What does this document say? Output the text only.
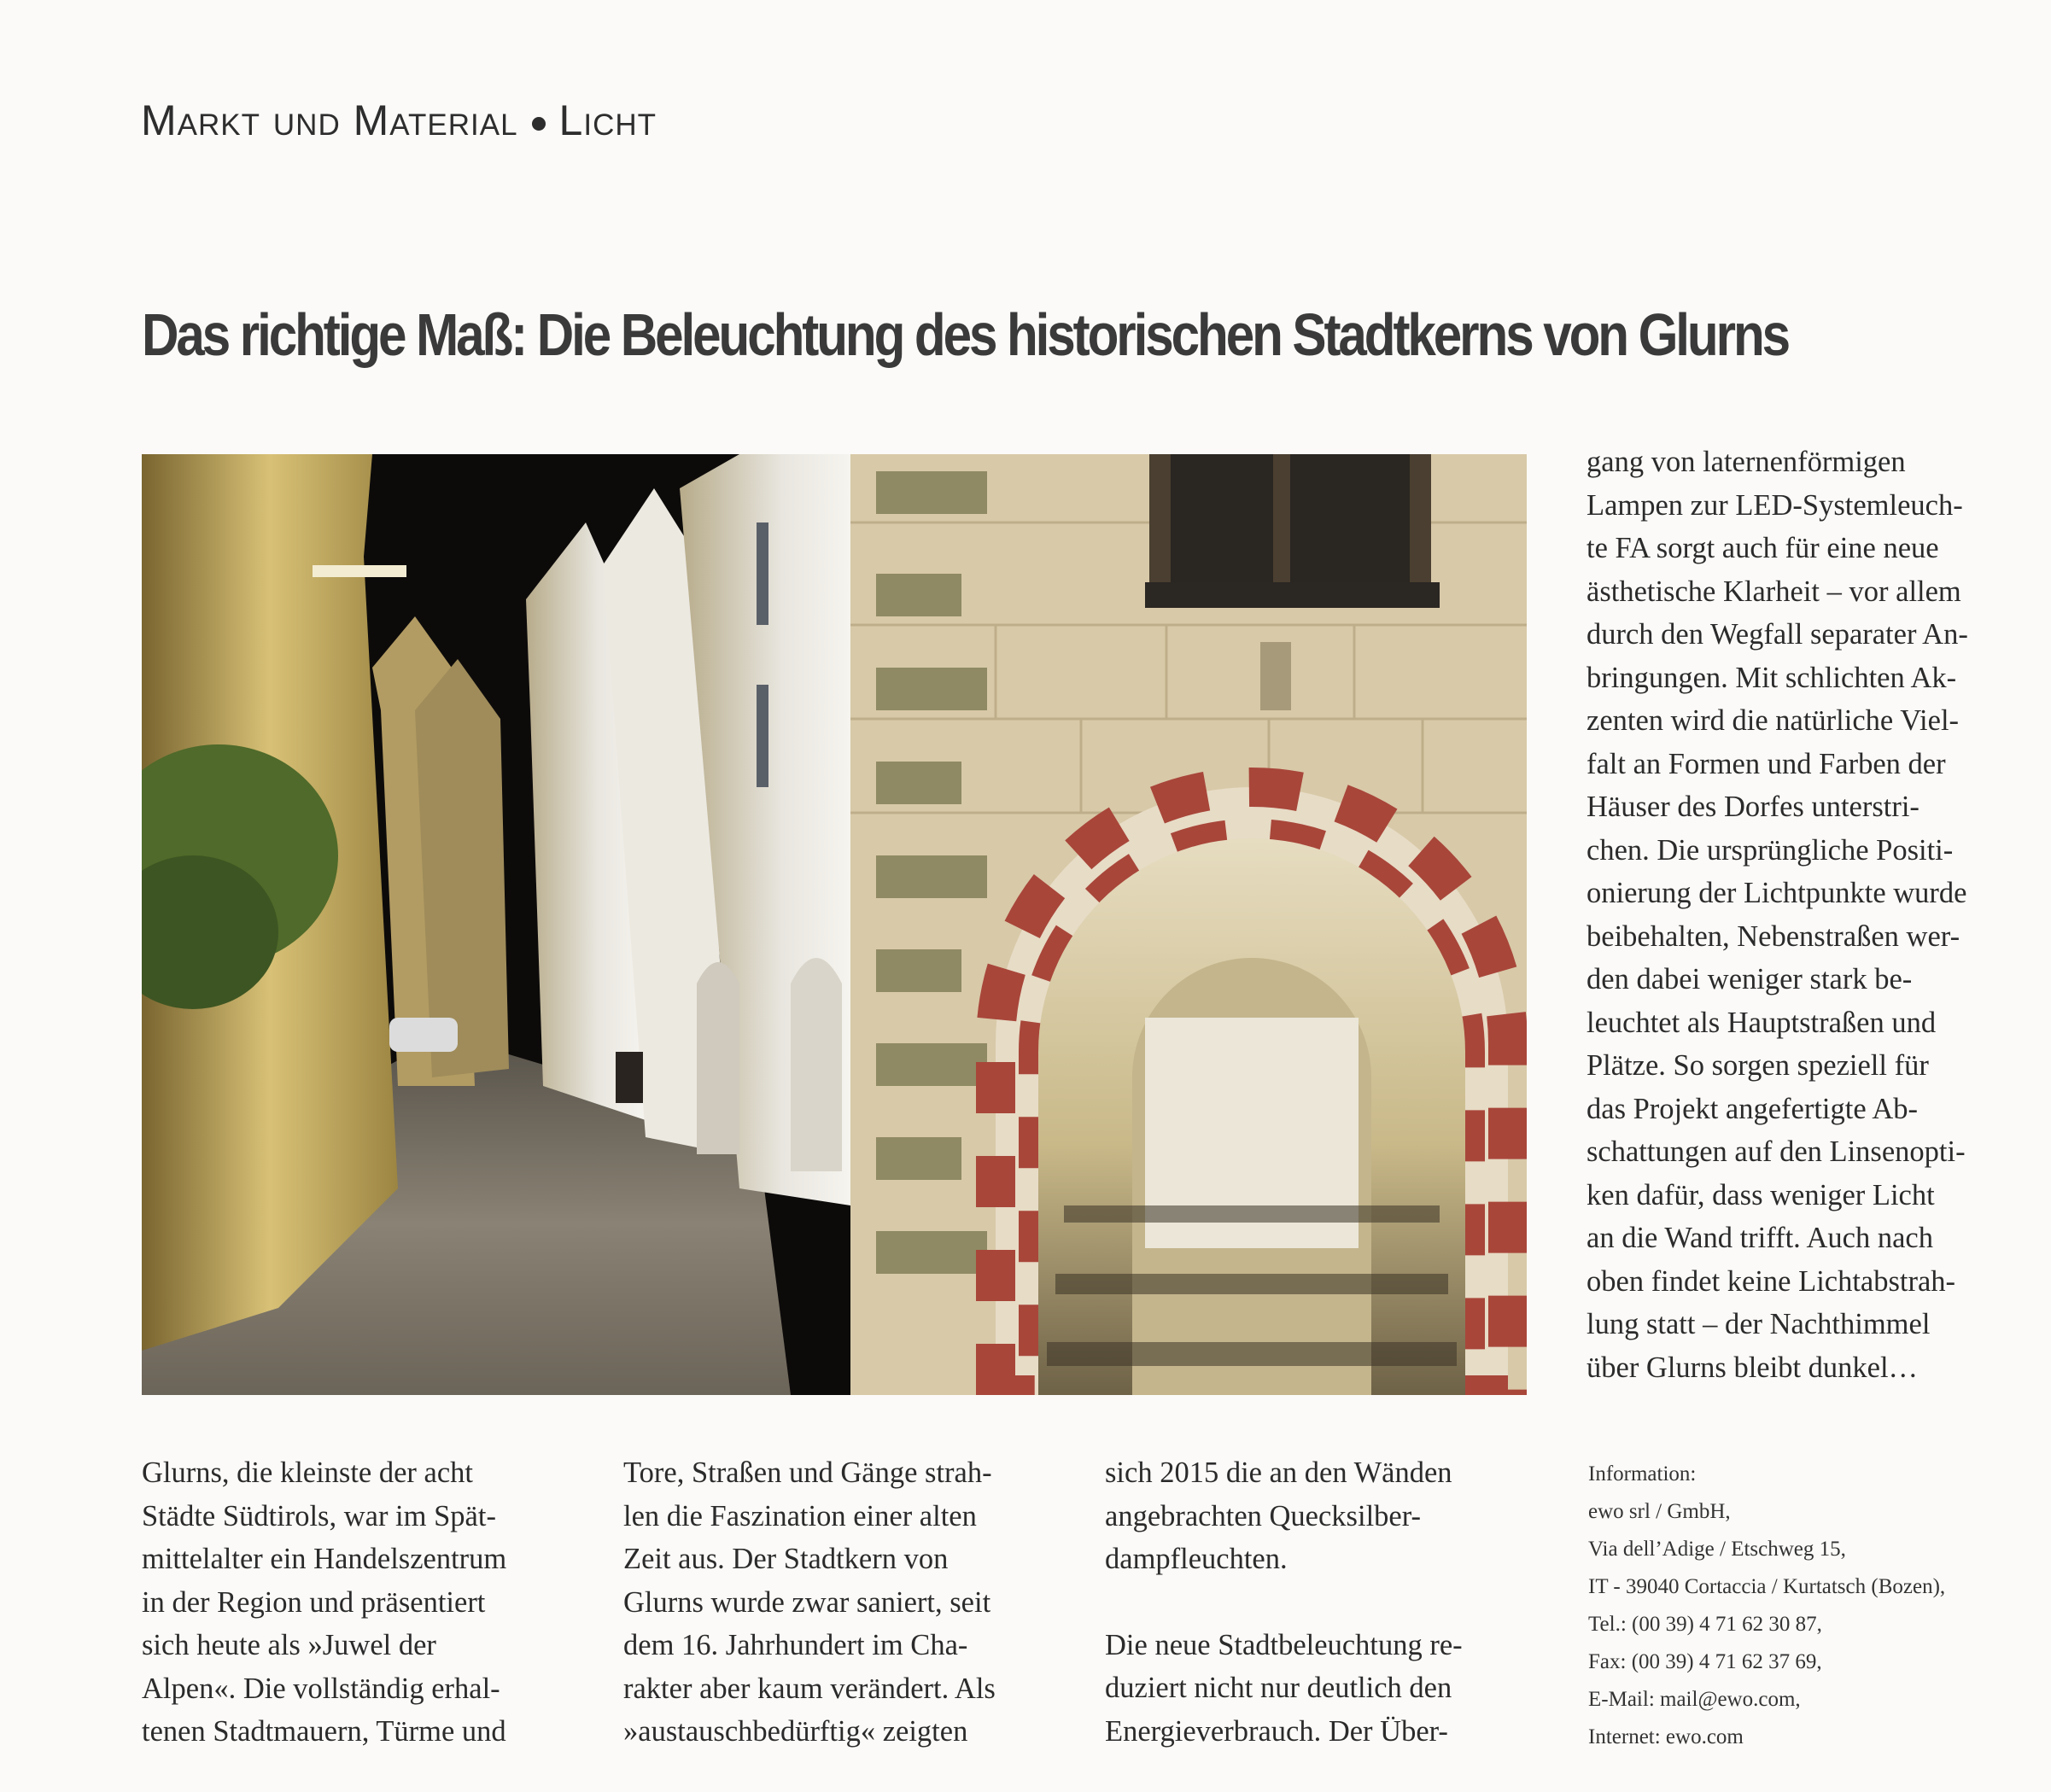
Markt und Material Licht
Das richtige Maß: Die Beleuchtung des historischen Stadtkerns von Glurns
Glurns, die kleinste der acht
Städte Südtirols, war im Spät-
mittelalter ein Handelszentrum
in der Region und präsentiert
sich heute als »Juwel der
Alpen«. Die vollständig erhal-
tenen Stadtmauern, Türme und
Tore, Straßen und Gänge strah-
len die Faszination einer alten
Zeit aus. Der Stadtkern von
Glurns wurde zwar saniert, seit
dem 16. Jahrhundert im Cha-
rakter aber kaum verändert. Als
»austauschbedürftig« zeigten

sich 2015 die an den Wänden
angebrachten Quecksilber-
dampfleuchten.

Die neue Stadtbeleuchtung re-
duziert nicht nur deutlich den
Energieverbrauch. Der Über-

gang von laternenförmigen
Lampen zur LED-Systemleuch-
te FA sorgt auch für eine neue
ästhetische Klarheit – vor allem
durch den Wegfall separater An-
bringungen. Mit schlichten Ak-
zenten wird die natürliche Viel-
falt an Formen und Farben der
Häuser des Dorfes unterstri-
chen. Die ursprüngliche Positi-
onierung der Lichtpunkte wurde
beibehalten, Nebenstraßen wer-
den dabei weniger stark be-
leuchtet als Hauptstraßen und
Plätze. So sorgen speziell für
das Projekt angefertigte Ab-
schattungen auf den Linsenopti-
ken dafür, dass weniger Licht
an die Wand trifft. Auch nach
oben findet keine Lichtabstrah-
lung statt – der Nachthimmel
über Glurns bleibt dunkel…
Information:
ewo srl / GmbH,
Via dell’Adige / Etschweg 15,
IT - 39040 Cortaccia / Kurtatsch (Bozen),
Tel.: (00 39) 4 71 62 30 87,
Fax: (00 39) 4 71 62 37 69,
E-Mail: mail@ewo.com,
Internet: ewo.com
